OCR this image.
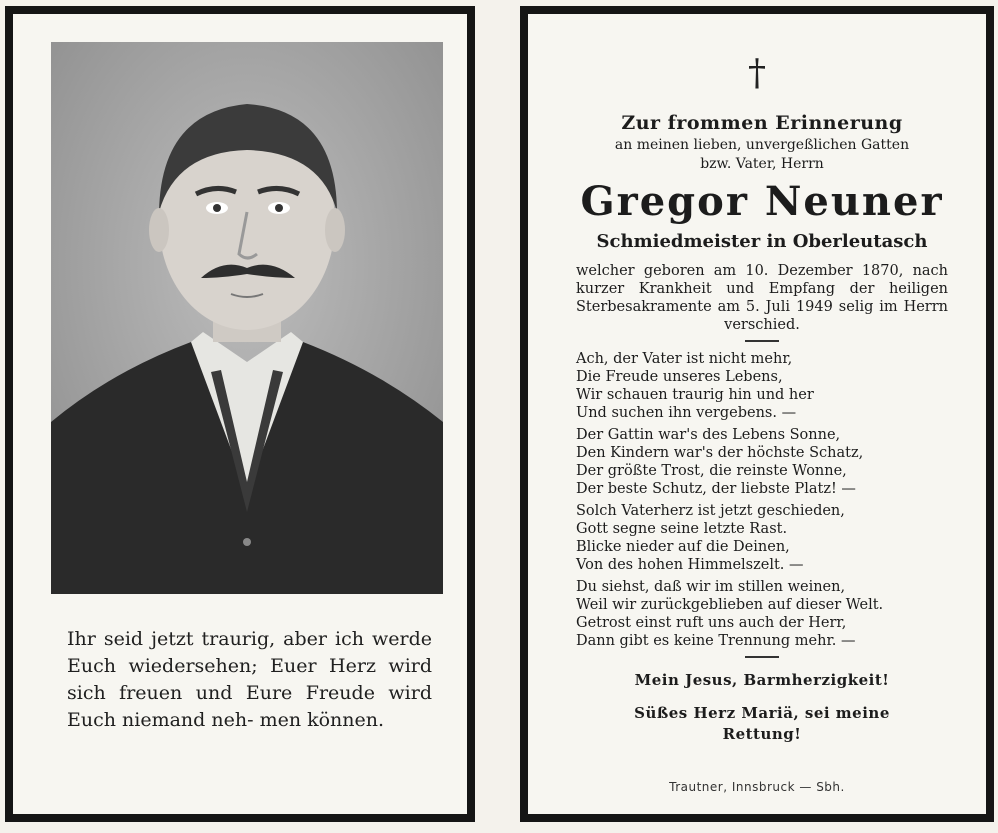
Ihr seid jetzt traurig, aber ich werde Euch wiedersehen; Euer Herz wird sich freuen und Eure Freude wird Euch niemand neh- men können.
†

Zur frommen Erinnerung

an meinen lieben, unvergeßlichen Gatten

bzw. Vater, Herrn

Gregor Neuner

Schmiedmeister in Oberleutasch

welcher geboren am 10. Dezember 1870, nach kurzer Krankheit und Empfang der heiligen Sterbesakramente am 5. Juli 1949 selig im Herrn verschied.

Ach, der Vater ist nicht mehr,
Die Freude unseres Lebens,
Wir schauen traurig hin und her
Und suchen ihn vergebens. —
Der Gattin war's des Lebens Sonne,
Den Kindern war's der höchste Schatz,
Der größte Trost, die reinste Wonne,
Der beste Schutz, der liebste Platz! —
Solch Vaterherz ist jetzt geschieden,
Gott segne seine letzte Rast.
Blicke nieder auf die Deinen,
Von des hohen Himmelszelt. —
Du siehst, daß wir im stillen weinen,
Weil wir zurückgeblieben auf dieser Welt.
Getrost einst ruft uns auch der Herr,
Dann gibt es keine Trennung mehr. —

Mein Jesus, Barmherzigkeit!

Süßes Herz Mariä, sei meine
Rettung!

Trautner, Innsbruck — Sbh.
